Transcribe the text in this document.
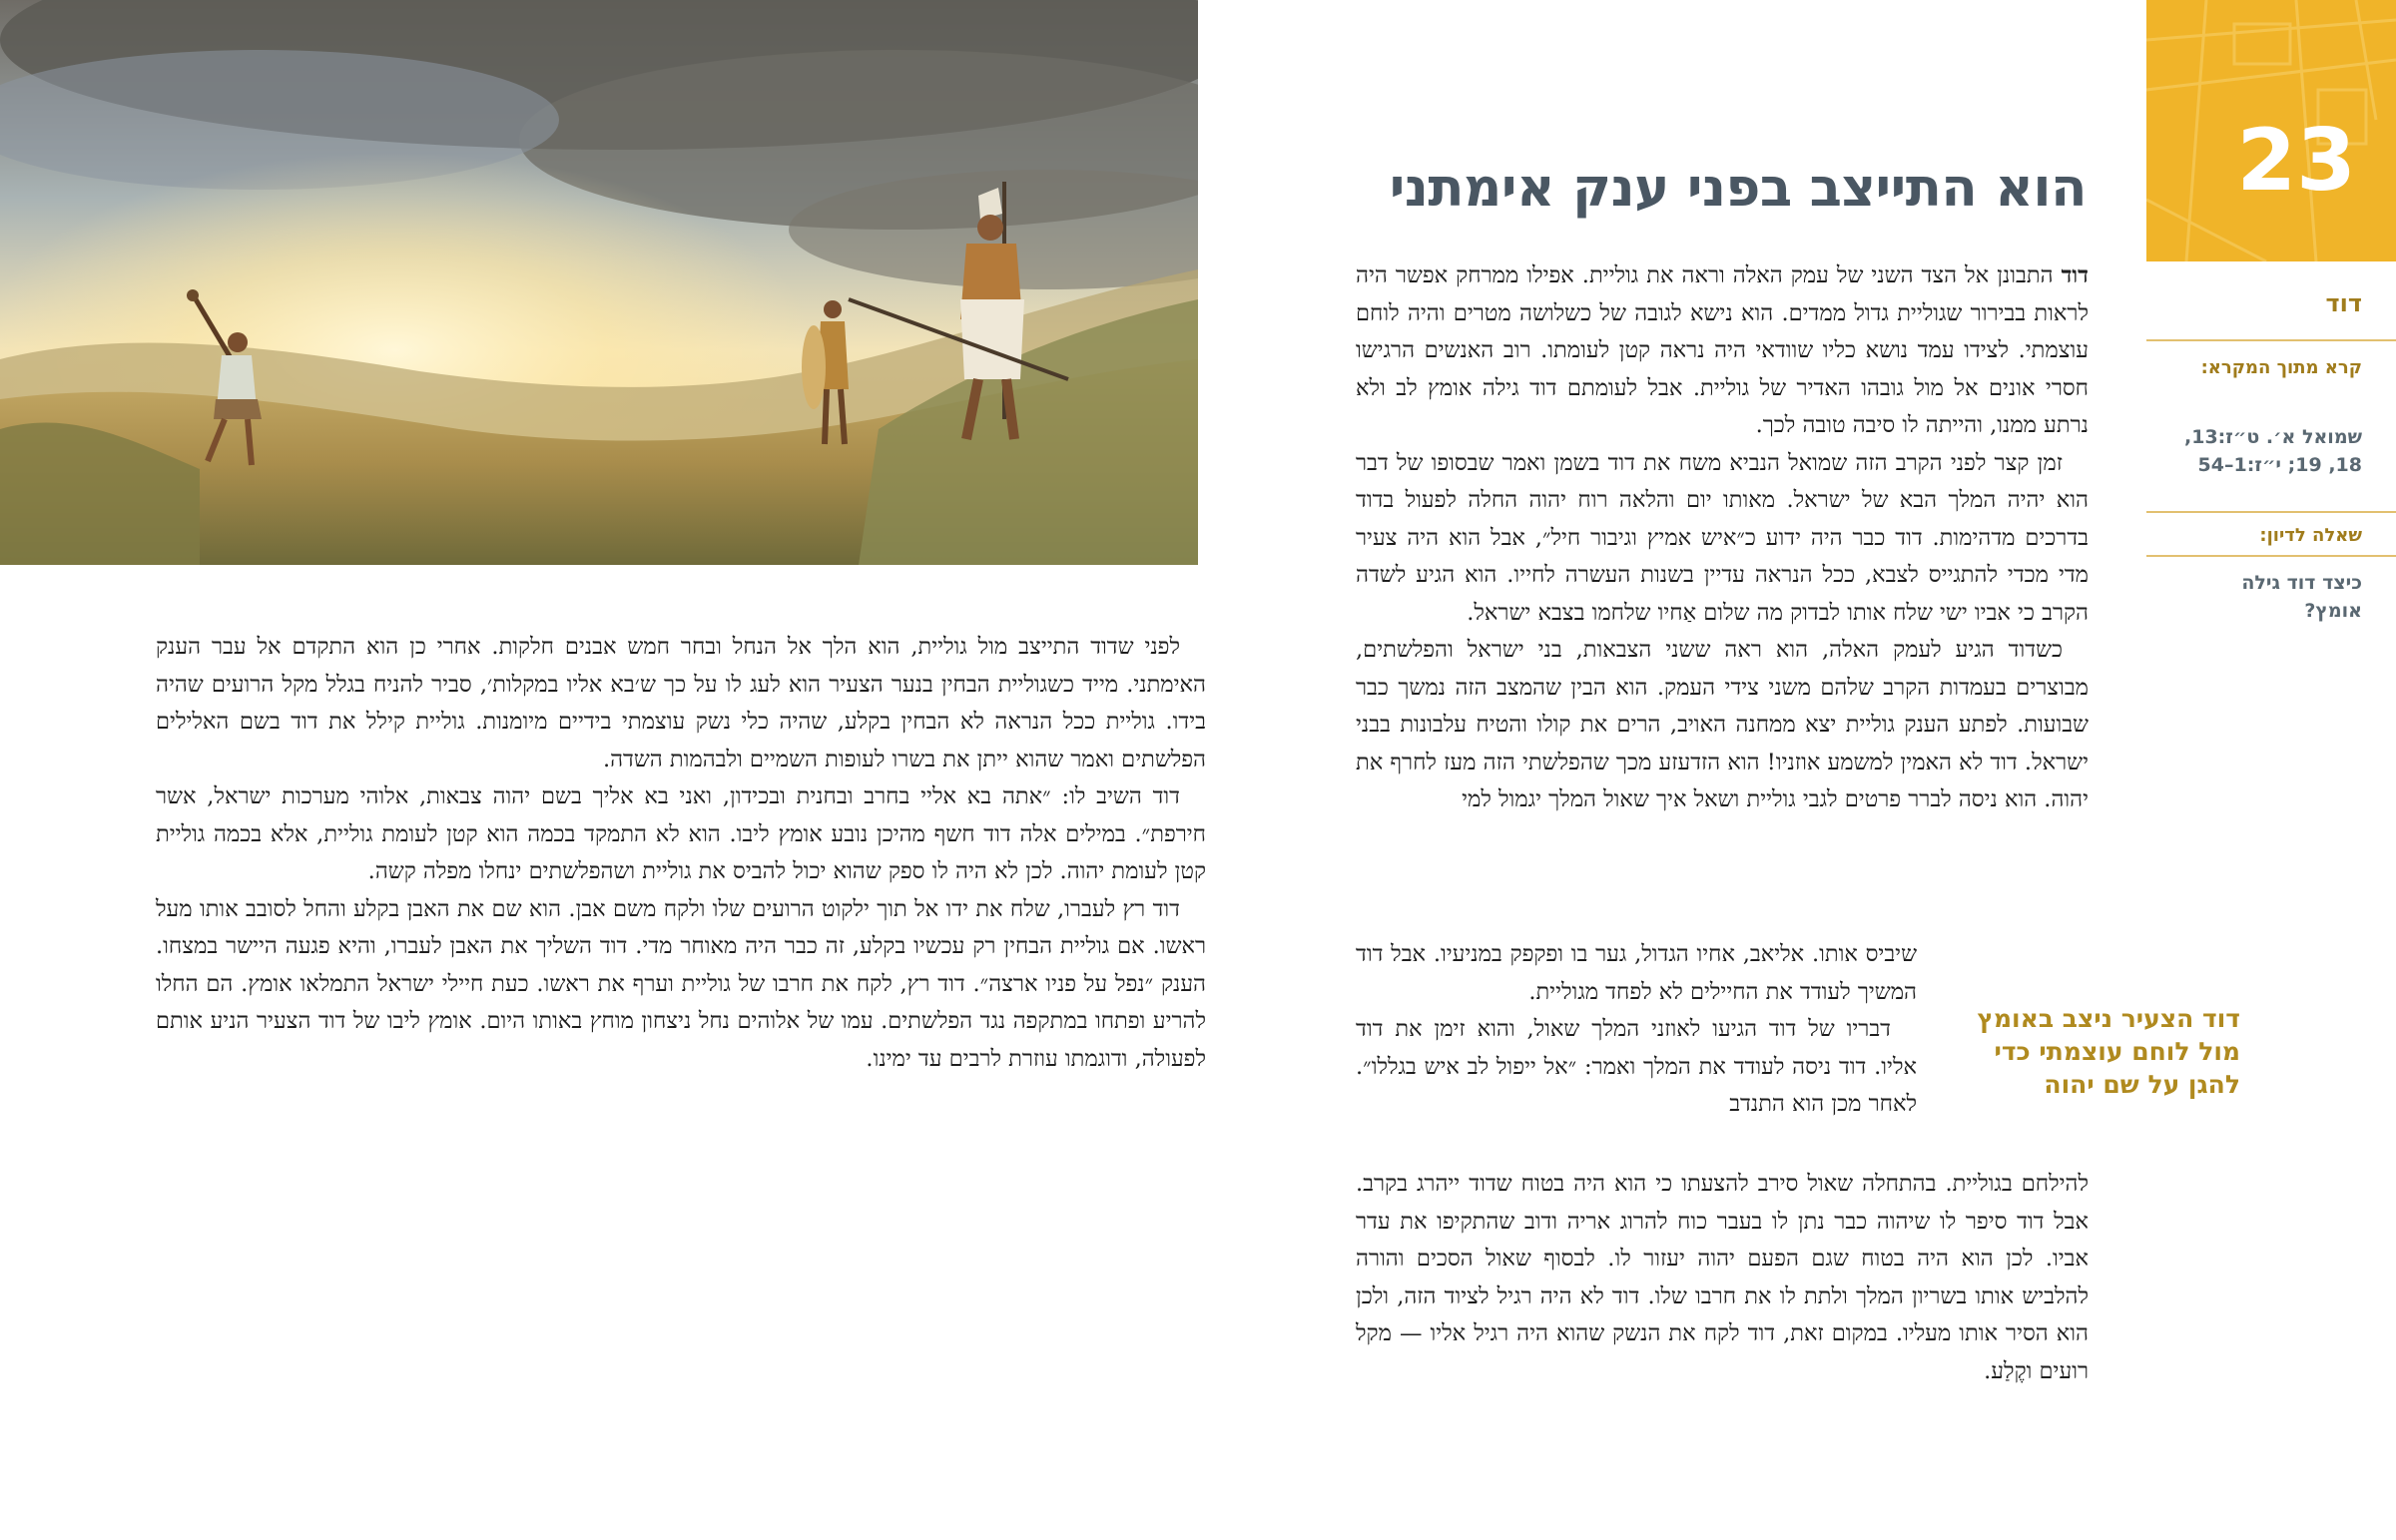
הוא התייצב בפני ענק אימתני

דוד התבונן אל הצד השני של עמק האלה וראה את גוליית. אפילו ממרחק אפשר היה לראות בבירור שגוליית גדול ממדים. הוא נישא לגובה של כשלושה מטרים והיה לוחם עוצמתי. לצידו עמד נושא כליו שוודאי היה נראה קטן לעומתו. רוב האנשים הרגישו חסרי אונים אל מול גובהו האדיר של גוליית. אבל לעומתם דוד גילה אומץ לב ולא נרתע ממנו, והייתה לו סיבה טובה לכך.

זמן קצר לפני הקרב הזה שמואל הנביא משח את דוד בשמן ואמר שבסופו של דבר הוא יהיה המלך הבא של ישראל. מאותו יום והלאה רוח יהוה החלה לפעול בדוד בדרכים מדהימות. דוד כבר היה ידוע כ״איש אמיץ וגיבור חיל״, אבל הוא היה צעיר מדי מכדי להתגייס לצבא, ככל הנראה עדיין בשנות העשרה לחייו. הוא הגיע לשדה הקרב כי אביו ישי שלח אותו לבדוק מה שלום אַחיו שלחמו בצבא ישראל.

כשדוד הגיע לעמק האלה, הוא ראה ששני הצבאות, בני ישראל והפלשתים, מבוצרים בעמדות הקרב שלהם משני צידי העמק. הוא הבין שהמצב הזה נמשך כבר שבועות. לפתע הענק גוליית יצא ממחנה האויב, הרים את קולו והטיח עלבונות בבני ישראל. דוד לא האמין למשמע אוזניו! הוא הזדעזע מכך שהפלשתי הזה מעז לחרף את יהוה. הוא ניסה לברר פרטים לגבי גוליית ושאל איך שאול המלך יגמול למי

שיביס אותו. אליאב, אחיו הגדול, גער בו ופקפק במניעיו. אבל דוד המשיך לעודד את החיילים לא לפחד מגוליית.

דבריו של דוד הגיעו לאוזני המלך שאול, והוא זימן את דוד אליו. דוד ניסה לעודד את המלך ואמר: ״אל ייפול לב איש בגללו״. לאחר מכן הוא התנדב

דוד הצעיר ניצב באומץ מול לוחם עוצמתי כדי להגן על שם יהוה

להילחם בגוליית. בהתחלה שאול סירב להצעתו כי הוא היה בטוח שדוד ייהרג בקרב. אבל דוד סיפר לו שיהוה כבר נתן לו בעבר כוח להרוג אריה ודוב שהתקיפו את עדר אביו. לכן הוא היה בטוח שגם הפעם יהוה יעזור לו. לבסוף שאול הסכים והורה להלביש אותו בשריון המלך ולתת לו את חרבו שלו. דוד לא היה רגיל לציוד הזה, ולכן הוא הסיר אותו מעליו. במקום זאת, דוד לקח את הנשק שהוא היה רגיל אליו — מקל רועים וקֶלַע.

לפני שדוד התייצב מול גוליית, הוא הלך אל הנחל ובחר חמש אבנים חלקות. אחרי כן הוא התקדם אל עבר הענק האימתני. מייד כשגוליית הבחין בנער הצעיר הוא לעג לו על כך ש׳בא אליו במקלות׳, סביר להניח בגלל מקל הרועים שהיה בידו. גוליית ככל הנראה לא הבחין בקלע, שהיה כלי נשק עוצמתי בידיים מיומנות. גוליית קילל את דוד בשם האלילים הפלשתים ואמר שהוא ייתן את בשרו לעופות השמיים ולבהמות השדה.

דוד השיב לו: ״אתה בא אליי בחרב ובחנית ובכידון, ואני בא אליך בשם יהוה צבאות, אלוהי מערכות ישראל, אשר חירפת״. במילים אלה דוד חשף מהיכן נובע אומץ ליבו. הוא לא התמקד בכמה הוא קטן לעומת גוליית, אלא בכמה גוליית קטן לעומת יהוה. לכן לא היה לו ספק שהוא יכול להביס את גוליית ושהפלשתים ינחלו מפלה קשה.

דוד רץ לעברו, שלח את ידו אל תוך ילקוט הרועים שלו ולקח משם אבן. הוא שם את האבן בקלע והחל לסובב אותו מעל ראשו. אם גוליית הבחין רק עכשיו בקלע, זה כבר היה מאוחר מדי. דוד השליך את האבן לעברו, והיא פגעה היישר במצחו. הענק ״נפל על פניו ארצה״. דוד רץ, לקח את חרבו של גוליית וערף את ראשו. כעת חיילי ישראל התמלאו אומץ. הם החלו להריע ופתחו במתקפה נגד הפלשתים. עמו של אלוהים נחל ניצחון מוחץ באותו היום. אומץ ליבו של דוד הצעיר הניע אותם לפעולה, ודוגמתו עוזרת לרבים עד ימינו.

23
דוד
קרא מתוך המקרא:
שמואל א׳. ט״ז:13, 18, 19; י״ז:1–54
שאלה לדיון:
כיצד דוד גילה אומץ?
